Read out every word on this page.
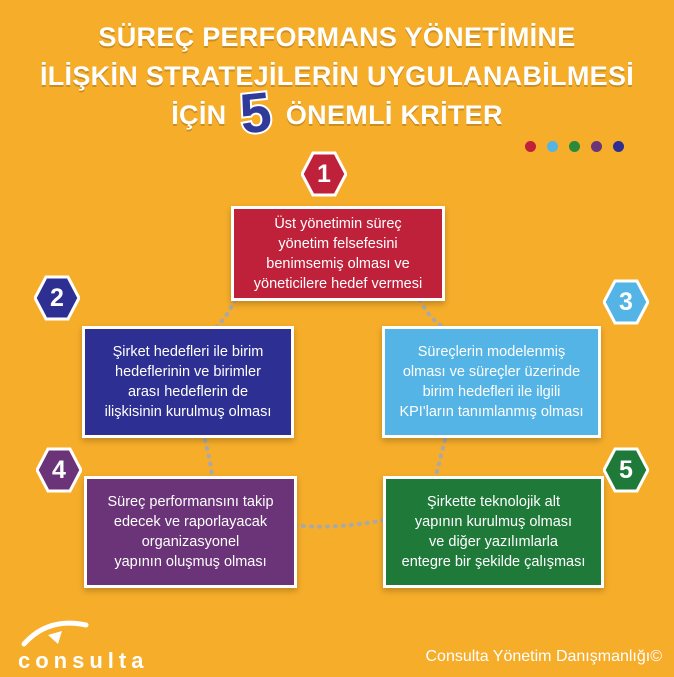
SÜREÇ PERFORMANS YÖNETİMİNE
İLİŞKİN STRATEJİLERİN UYGULANABİLMESİ
İÇİN 5 ÖNEMLİ KRİTER
1
Üst yönetimin süreç
yönetim felsefesini
benimsemiş olması ve
yöneticilere hedef vermesi
2
Şirket hedefleri ile birim
hedeflerinin ve birimler
arası hedeflerin de
ilişkisinin kurulmuş olması
3
Süreçlerin modelenmiş
olması ve süreçler üzerinde
birim hedefleri ile ilgili
KPI'ların tanımlanmış olması
4
Süreç performansını takip
edecek ve raporlayacak
organizasyonel
yapının oluşmuş olması
5
Şirkette teknolojik alt
yapının kurulmuş olması
ve diğer yazılımlarla
entegre bir şekilde çalışması
consulta	Consulta Yönetim Danışmanlığı©
